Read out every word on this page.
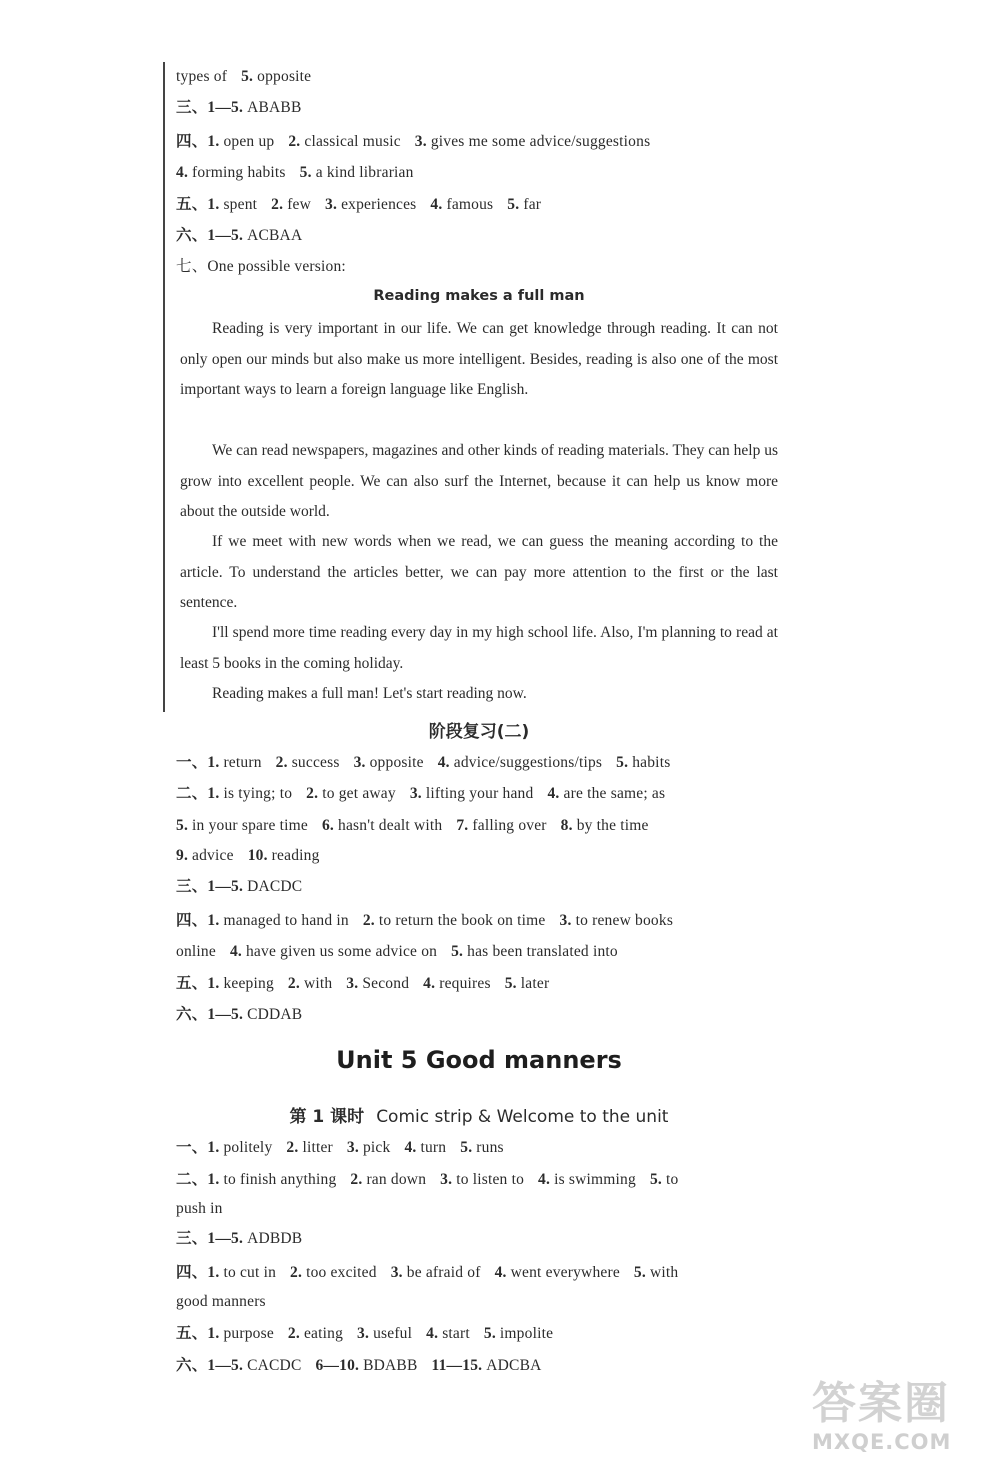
types of 5. opposite
三、1—5. ABABB
四、1. open up 2. classical music 3. gives me some advice/suggestions
4. forming habits 5. a kind librarian
五、1. spent 2. few 3. experiences 4. famous 5. far
六、1—5. ACBAA
七、One possible version:
Reading makes a full man
Reading is very important in our life. We can get knowledge through reading. It can not only open our minds but also make us more intelligent. Besides, reading is also one of the most important ways to learn a foreign language like English.
We can read newspapers, magazines and other kinds of reading materials. They can help us grow into excellent people. We can also surf the Internet, because it can help us know more about the outside world.
If we meet with new words when we read, we can guess the meaning according to the article. To understand the articles better, we can pay more attention to the first or the last sentence.
I'll spend more time reading every day in my high school life. Also, I'm planning to read at least 5 books in the coming holiday.
Reading makes a full man! Let's start reading now.
阶段复习(二)
一、1. return 2. success 3. opposite 4. advice/suggestions/tips 5. habits
二、1. is tying; to 2. to get away 3. lifting your hand 4. are the same; as
5. in your spare time 6. hasn't dealt with 7. falling over 8. by the time
9. advice 10. reading
三、1—5. DACDC
四、1. managed to hand in 2. to return the book on time 3. to renew books
online 4. have given us some advice on 5. has been translated into
五、1. keeping 2. with 3. Second 4. requires 5. later
六、1—5. CDDAB
Unit 5 Good manners
第 1 课时 Comic strip & Welcome to the unit
一、1. politely 2. litter 3. pick 4. turn 5. runs
二、1. to finish anything 2. ran down 3. to listen to 4. is swimming 5. to
push in
三、1—5. ADBDB
四、1. to cut in 2. too excited 3. be afraid of 4. went everywhere 5. with
good manners
五、1. purpose 2. eating 3. useful 4. start 5. impolite
六、1—5. CACDC 6—10. BDABB 11—15. ADCBA
答案圈
MXQE.COM
